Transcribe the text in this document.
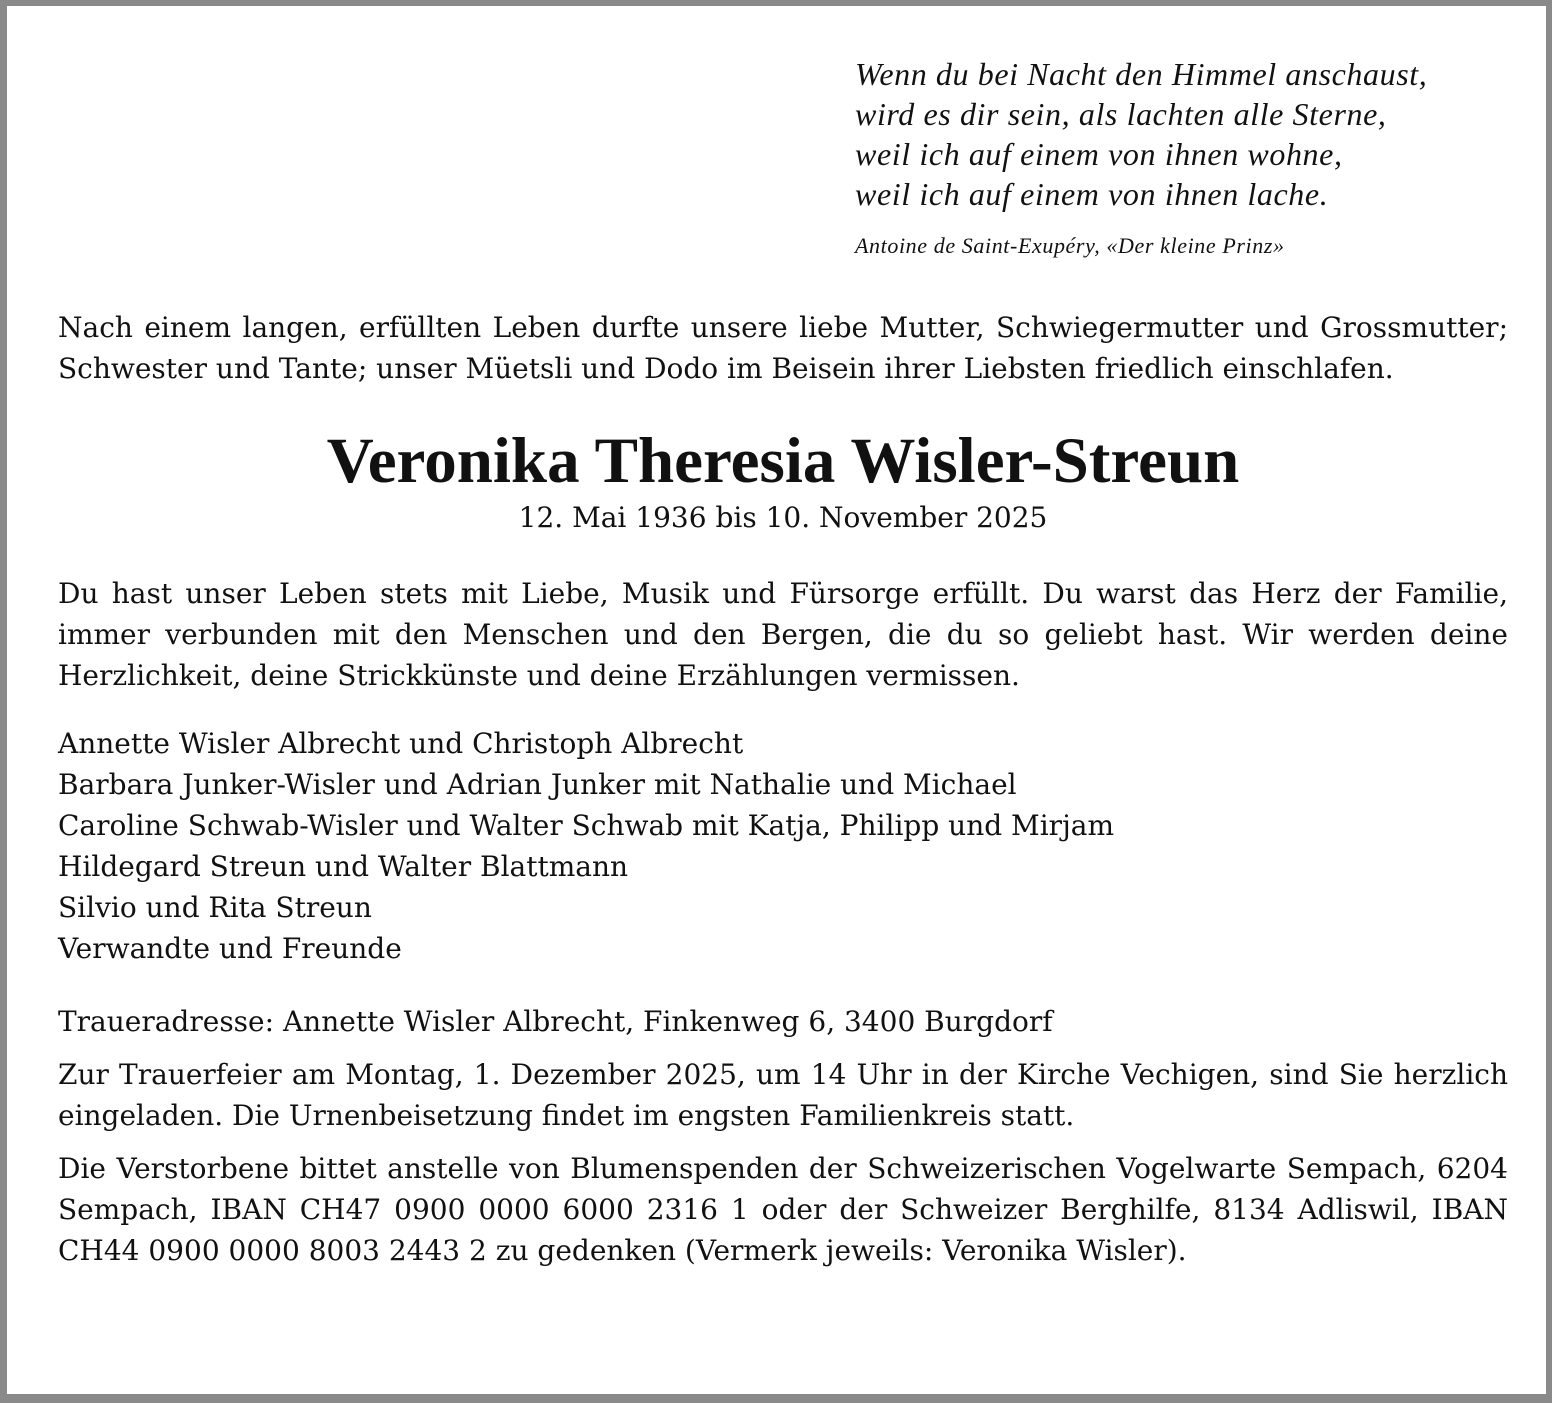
Wenn du bei Nacht den Himmel anschaust,
wird es dir sein, als lachten alle Sterne,
weil ich auf einem von ihnen wohne,
weil ich auf einem von ihnen lache.
Antoine de Saint-Exupéry, «Der kleine Prinz»
Nach einem langen, erfüllten Leben durfte unsere liebe Mutter, Schwiegermutter und Grossmutter; Schwester und Tante; unser Müetsli und Dodo im Beisein ihrer Liebsten friedlich einschlafen.
Veronika Theresia Wisler-Streun
12. Mai 1936 bis 10. November 2025
Du hast unser Leben stets mit Liebe, Musik und Fürsorge erfüllt. Du warst das Herz der Familie, immer verbunden mit den Menschen und den Bergen, die du so geliebt hast. Wir werden deine Herzlichkeit, deine Strickkünste und deine Erzählungen vermissen.
Annette Wisler Albrecht und Christoph Albrecht
Barbara Junker-Wisler und Adrian Junker mit Nathalie und Michael
Caroline Schwab-Wisler und Walter Schwab mit Katja, Philipp und Mirjam
Hildegard Streun und Walter Blattmann
Silvio und Rita Streun
Verwandte und Freunde
Traueradresse: Annette Wisler Albrecht, Finkenweg 6, 3400 Burgdorf
Zur Trauerfeier am Montag, 1. Dezember 2025, um 14 Uhr in der Kirche Vechigen, sind Sie herzlich eingeladen. Die Urnenbeisetzung findet im engsten Familienkreis statt.
Die Verstorbene bittet anstelle von Blumenspenden der Schweizerischen Vogelwarte Sempach, 6204 Sempach, IBAN CH47 0900 0000 6000 2316 1 oder der Schweizer Berghilfe, 8134 Adliswil, IBAN CH44 0900 0000 8003 2443 2 zu gedenken (Vermerk jeweils: Veronika Wisler).
